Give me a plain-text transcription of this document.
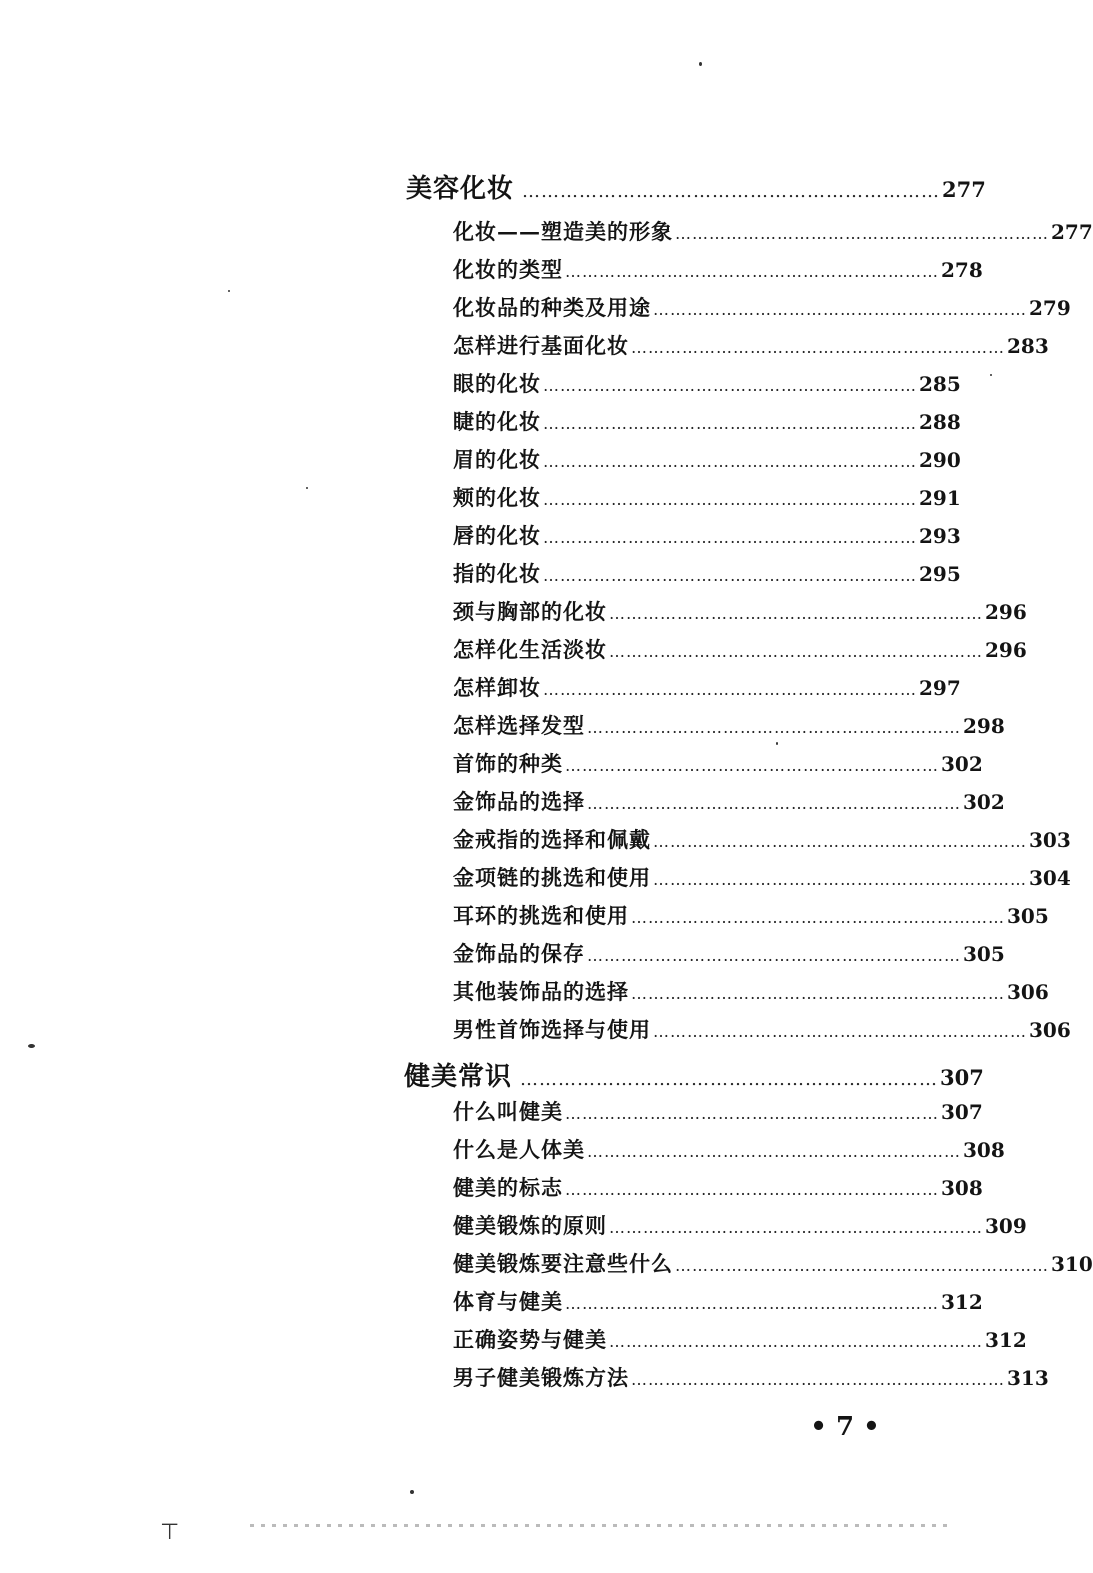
美容化妆 ………………………………………………………… 277
化妆——塑造美的形象 ………………………………………………………… 277
化妆的类型 ………………………………………………………… 278
化妆品的种类及用途 ………………………………………………………… 279
怎样进行基面化妆 ………………………………………………………… 283
眼的化妆 ………………………………………………………… 285
睫的化妆 ………………………………………………………… 288
眉的化妆 ………………………………………………………… 290
颊的化妆 ………………………………………………………… 291
唇的化妆 ………………………………………………………… 293
指的化妆 ………………………………………………………… 295
颈与胸部的化妆 ………………………………………………………… 296
怎样化生活淡妆 ………………………………………………………… 296
怎样卸妆 ………………………………………………………… 297
怎样选择发型 ………………………………………………………… 298
首饰的种类 ………………………………………………………… 302
金饰品的选择 ………………………………………………………… 302
金戒指的选择和佩戴 ………………………………………………………… 303
金项链的挑选和使用 ………………………………………………………… 304
耳环的挑选和使用 ………………………………………………………… 305
金饰品的保存 ………………………………………………………… 305
其他装饰品的选择 ………………………………………………………… 306
男性首饰选择与使用 ………………………………………………………… 306
健美常识 ………………………………………………………… 307
什么叫健美 ………………………………………………………… 307
什么是人体美 ………………………………………………………… 308
健美的标志 ………………………………………………………… 308
健美锻炼的原则 ………………………………………………………… 309
健美锻炼要注意些什么 ………………………………………………………… 310
体育与健美 ………………………………………………………… 312
正确姿势与健美 ………………………………………………………… 312
男子健美锻炼方法 ………………………………………………………… 313
• 7 •
⊤
